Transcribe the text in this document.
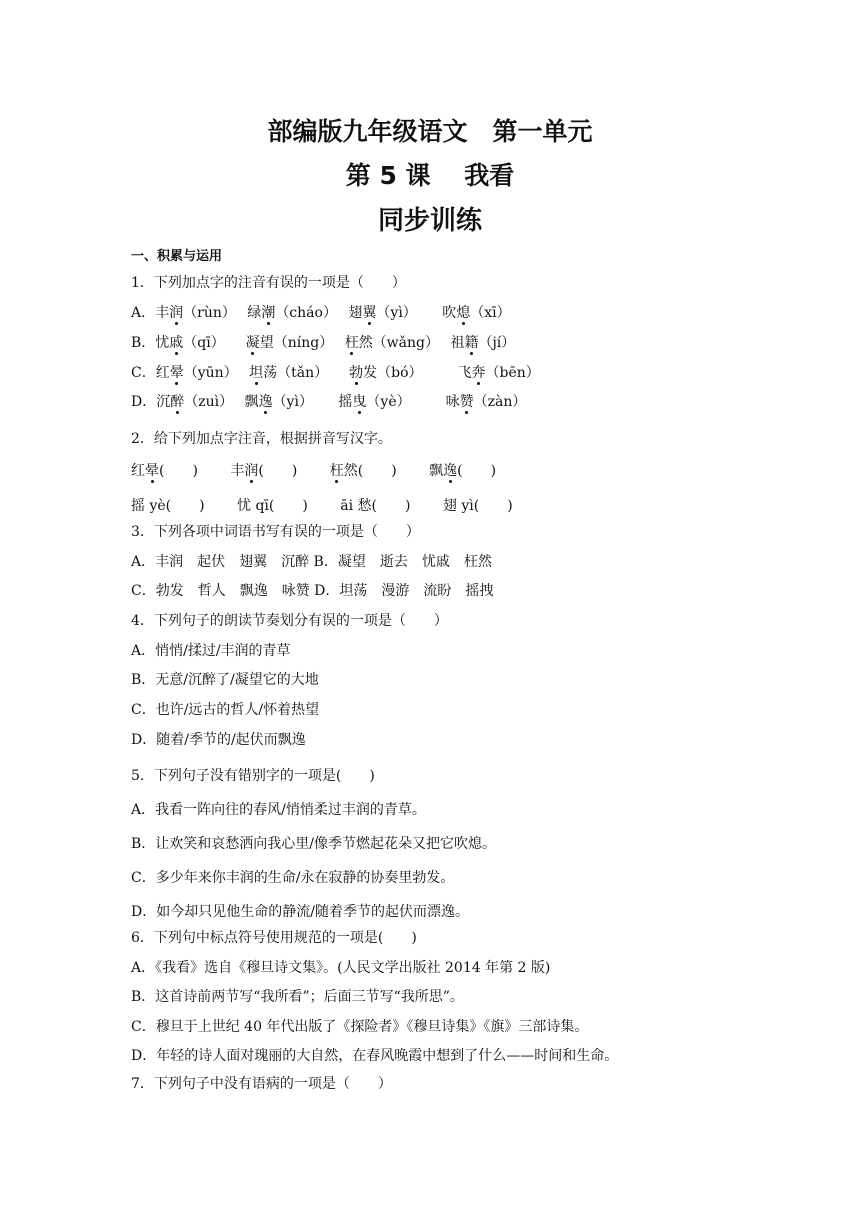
部编版九年级语文　第一单元
第 5 课　 我看
同步训练
一、积累与运用
1．下列加点字的注音有误的一项是（　　）
A．丰润（rùn）　 绿潮（cháo）　 翅翼（yì）　　 吹熄（xī）
B．忧戚（qī）　　凝望（níng）　 枉然（wǎng）　 祖籍（jí）
C．红晕（yūn）　 坦荡（tǎn）　　勃发（bó）　　　飞奔（bēn）
D．沉醉（zuì）　 飘逸（yì）　　 摇曳（yè）　　　咏赞（zàn）
2．给下列加点字注音，根据拼音写汉字。
红晕(　　)　　 丰润(　　)　　 枉然(　　)　　 飘逸(　　)
摇 yè(　　)　　 忧 qī(　　)　　 āi 愁(　　)　　 翅 yì(　　)
3．下列各项中词语书写有误的一项是（　　）
A．丰润　起伏　翅翼　沉醉 B．凝望　逝去　忧戚　枉然
C．勃发　哲人　飘逸　咏赞 D．坦荡　漫游　流盼　摇拽
4．下列句子的朗读节奏划分有误的一项是（　　）
A．悄悄/揉过/丰润的青草
B．无意/沉醉了/凝望它的大地
C．也许/远古的哲人/怀着热望
D．随着/季节的/起伏而飘逸
5．下列句子没有错别字的一项是(　　)
A．我看一阵向往的春风/悄悄柔过丰润的青草。
B．让欢笑和哀愁洒向我心里/像季节燃起花朵又把它吹熄。
C．多少年来你丰润的生命/永在寂静的协奏里勃发。
D．如今却只见他生命的静流/随着季节的起伏而漂逸。
6．下列句中标点符号使用规范的一项是(　　)
A．《我看》选自《穆旦诗文集》。(人民文学出版社 2014 年第 2 版)
B．这首诗前两节写“我所看”；后面三节写“我所思”。
C．穆旦于上世纪 40 年代出版了《探险者》《穆旦诗集》《旗》三部诗集。
D．年轻的诗人面对瑰丽的大自然，在春风晚霞中想到了什么——时间和生命。
7．下列句子中没有语病的一项是（　　）
